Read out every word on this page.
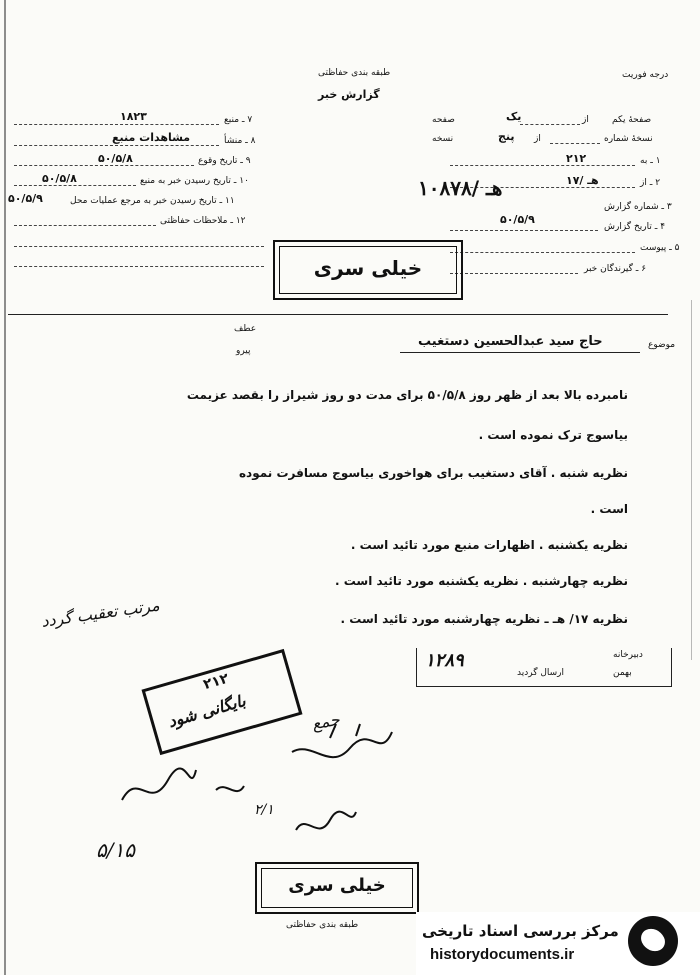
طبقه بندی حفاظتی
گزارش خبر
درجه فوریت
صفحهٔ یکم
از
یک
صفحه
نسخهٔ شماره
از
پنج
نسخه
۱ ـ به
۲۱۲
۲ ـ از
۱۷/ هـ
۳ ـ شماره گزارش
۱۰۸۷۸/ هـ
۴ ـ تاریخ گزارش
۵۰/۵/۹
۵ ـ پیوست
۶ ـ گیرندگان خبر
۷ ـ منبع
۱۸۲۳
۸ ـ منشأ
مشاهدات منبع
۹ ـ تاریخ وقوع
۵۰/۵/۸
۱۰ ـ تاریخ رسیدن خبر به منبع
۵۰/۵/۸
۱۱ ـ تاریخ رسیدن خبر به مرجع عملیات محل
۵۰/۵/۹
۱۲ ـ ملاحظات حفاظتی
خیلی سری
عطف
پیرو
موضوع
حاج سید عبدالحسین دستغیب
نامبرده بالا بعد از ظهر روز ۵۰/۵/۸ برای مدت دو روز شیراز را بقصد عزیمت
بیاسوج ترک نموده است .
نظریه شنبه . آقای دستغیب برای هواخوری بیاسوج مسافرت نموده
است .
نظریه یکشنبه . اظهارات منبع مورد تائید است .
نظریه چهارشنبه . نظریه یکشنبه مورد تائید است .
نظریه ۱۷/ هـ ـ نظریه چهارشنبه مورد تائید است .
مرتب تعقیب گردد
دبیرخانه
بهمن
۱۲۸۹
ارسال گردید
۲۱۲
بایگانی شود	جمع
۵/۱۵
۲/۱
خیلی سری
طبقه بندی حفاظتی	مرکز بررسی اسناد تاریخی
historydocuments.ir
